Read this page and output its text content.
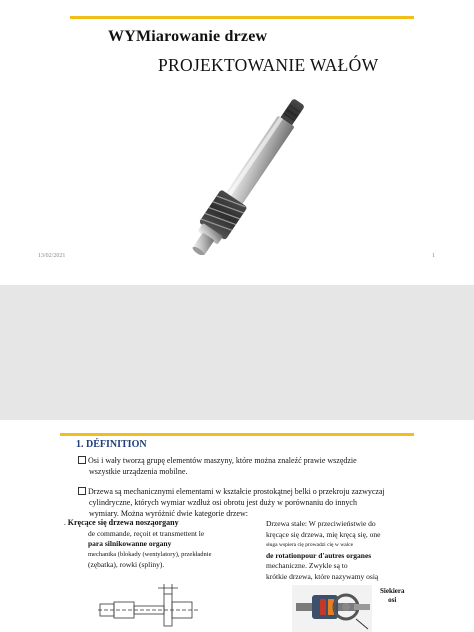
WYMiarowanie drzew
PROJEKTOWANIE WAŁÓW
13/02/2021	1
1. DÉFINITION
Osi i wały tworzą grupę elementów maszyny, które można znaleźć prawie wszędzie
wszystkie urządzenia mobilne.
Drzewa są mechanicznymi elementami w kształcie prostokątnej belki o przekroju zazwyczaj
cylindryczne, których wymiar wzdłuż osi obrotu jest duży w porównaniu do innych
wymiary. Można wyróżnić dwie kategorie drzew:
. Kręcące się drzewa nosząorgany
de commande, reçoit et transmettent le
para silnikowanne organy
mechanika (blokady (wentylatory), przekładnie
(zębatka), rowki (spliny).
Drzewa stałe: W przeciwieństwie do
kręcące się drzewa, mię kręcą się, one
sługa wspiera cię prowadzi cię w walce
de rotationpour d'autres organes
mechaniczne. Zwykle są to
krótkie drzewa, które nazywamy osią
Siekiera
osi
